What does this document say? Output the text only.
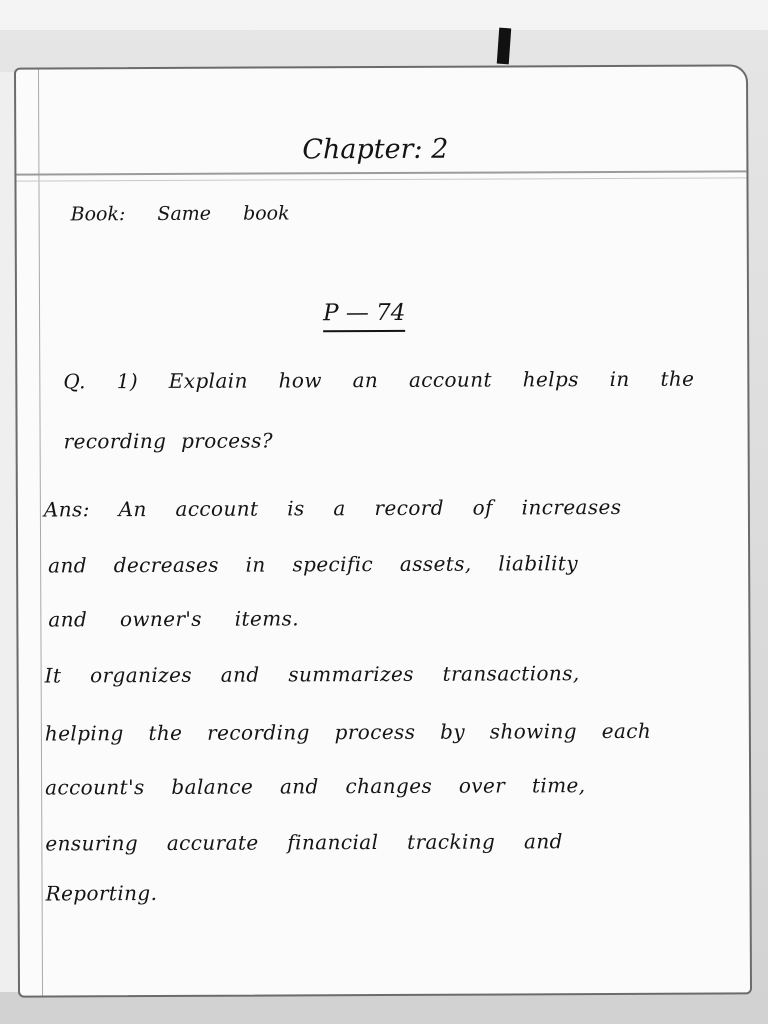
Chapter: 2

Book: Same book

P — 74

Q. 1) Explain how an account helps in the

recording process?

Ans: An account is a record of increases

and decreases in specific assets, liability

and owner's items.

It organizes and summarizes transactions,

helping the recording process by showing each

account's balance and changes over time,

ensuring accurate financial tracking and

Reporting.
